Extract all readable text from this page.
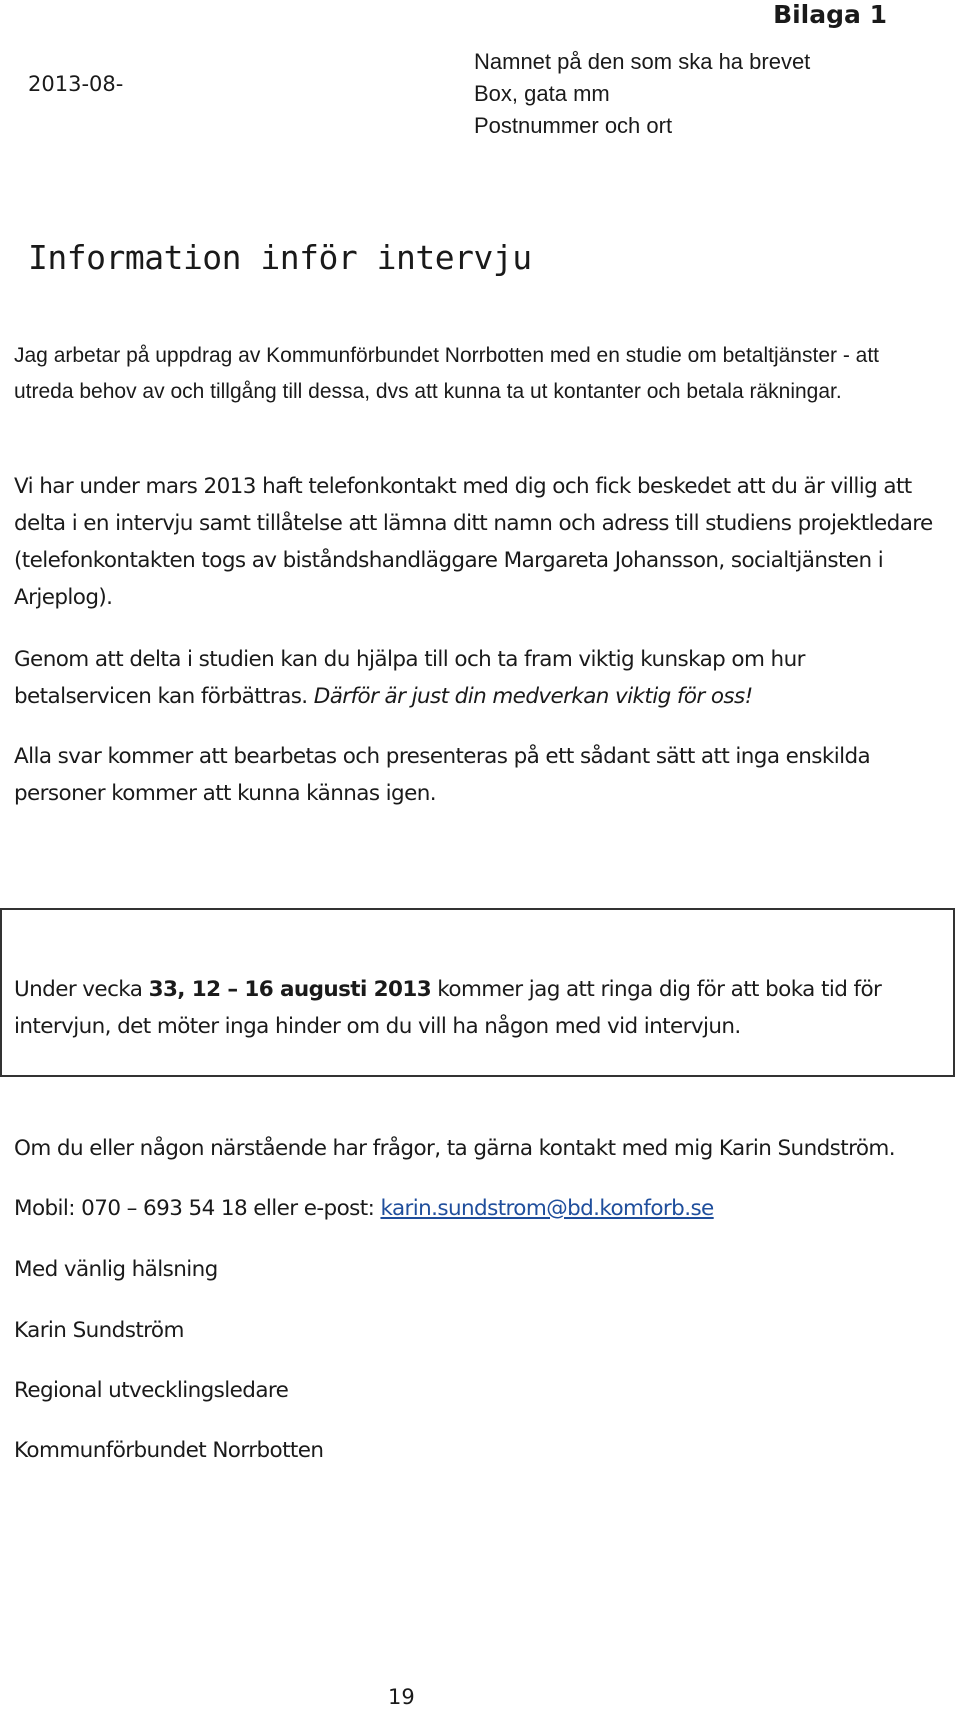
Bilaga 1
2013-08-
Namnet på den som ska ha brevet
Box, gata mm
Postnummer och ort
Information inför intervju
Jag arbetar på uppdrag av Kommunförbundet Norrbotten med en studie om betaltjänster - att utreda behov av och tillgång till dessa, dvs att kunna ta ut kontanter och betala räkningar.
Vi har under mars 2013 haft telefonkontakt med dig och fick beskedet att du är villig att delta i en intervju samt tillåtelse att lämna ditt namn och adress till studiens projektledare (telefonkontakten togs av biståndshandläggare Margareta Johansson, socialtjänsten i Arjeplog).
Genom att delta i studien kan du hjälpa till och ta fram viktig kunskap om hur betalservicen kan förbättras. Därför är just din medverkan viktig för oss!
Alla svar kommer att bearbetas och presenteras på ett sådant sätt att inga enskilda personer kommer att kunna kännas igen.
Under vecka 33, 12 – 16 augusti 2013 kommer jag att ringa dig för att boka tid för intervjun, det möter inga hinder om du vill ha någon med vid intervjun.
Om du eller någon närstående har frågor, ta gärna kontakt med mig Karin Sundström.
Mobil: 070 – 693 54 18 eller e-post: karin.sundstrom@bd.komforb.se
Med vänlig hälsning
Karin Sundström
Regional utvecklingsledare
Kommunförbundet Norrbotten
19
